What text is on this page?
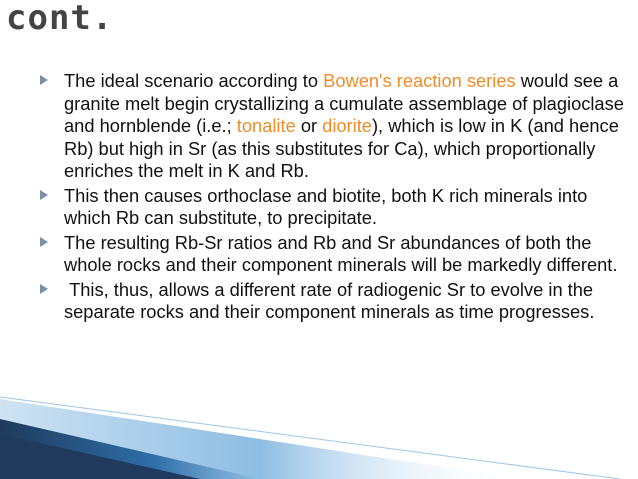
cont.
The ideal scenario according to Bowen's reaction series would see a granite melt begin crystallizing a cumulate assemblage of plagioclase and hornblende (i.e.; tonalite or diorite), which is low in K (and hence Rb) but high in Sr (as this substitutes for Ca), which proportionally enriches the melt in K and Rb.
This then causes orthoclase and biotite, both K rich minerals into which Rb can substitute, to precipitate.
The resulting Rb-Sr ratios and Rb and Sr abundances of both the whole rocks and their component minerals will be markedly different.
This, thus, allows a different rate of radiogenic Sr to evolve in the separate rocks and their component minerals as time progresses.
